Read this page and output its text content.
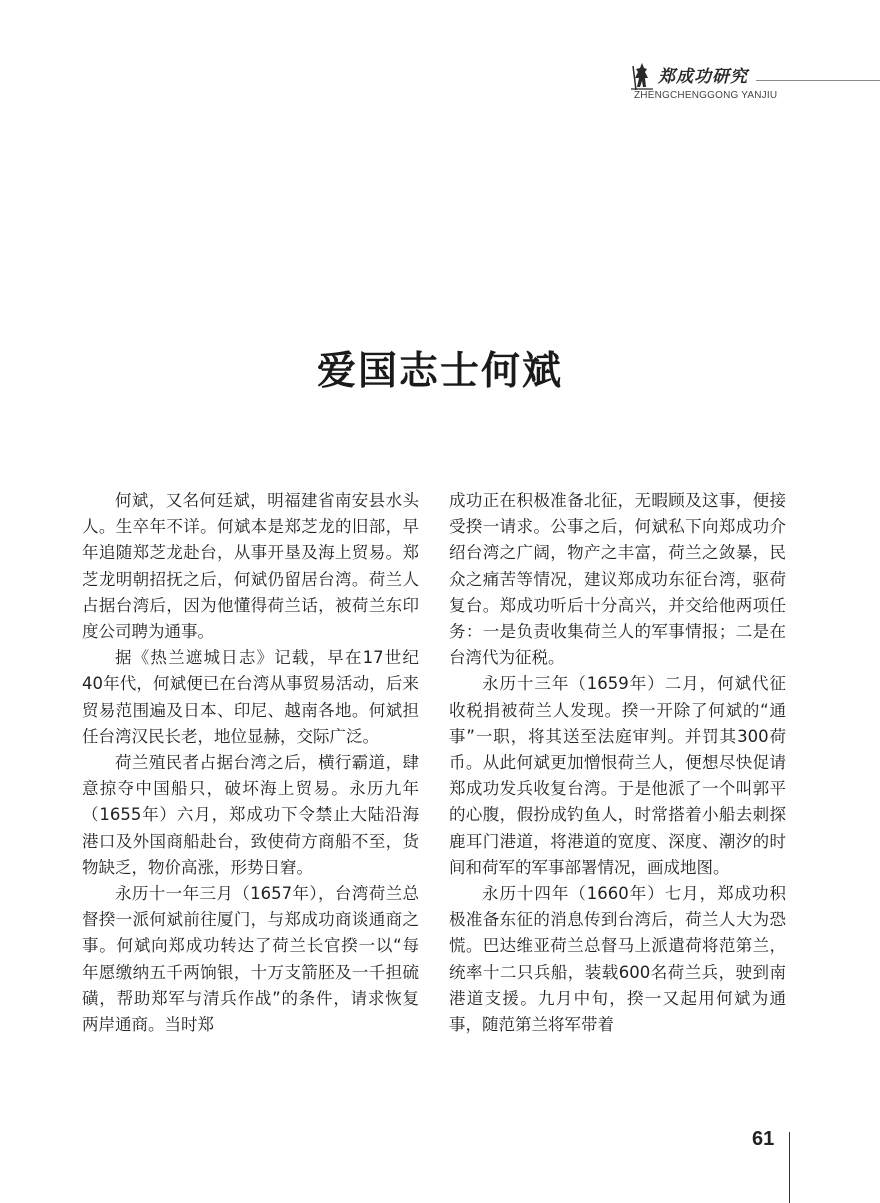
郑成功研究
ZHENGCHENGGONG YANJIU
爱国志士何斌

何斌，又名何廷斌，明福建省南安县水头人。生卒年不详。何斌本是郑芝龙的旧部，早年追随郑芝龙赴台，从事开垦及海上贸易。郑芝龙明朝招抚之后，何斌仍留居台湾。荷兰人占据台湾后，因为他懂得荷兰话，被荷兰东印度公司聘为通事。

据《热兰遮城日志》记载，早在17世纪40年代，何斌便已在台湾从事贸易活动，后来贸易范围遍及日本、印尼、越南各地。何斌担任台湾汉民长老，地位显赫，交际广泛。

荷兰殖民者占据台湾之后，横行霸道，肆意掠夺中国船只，破坏海上贸易。永历九年（1655年）六月，郑成功下令禁止大陆沿海港口及外国商船赴台，致使荷方商船不至，货物缺乏，物价高涨，形势日窘。

永历十一年三月（1657年），台湾荷兰总督揆一派何斌前往厦门，与郑成功商谈通商之事。何斌向郑成功转达了荷兰长官揆一以“每年愿缴纳五千两饷银，十万支箭胚及一千担硫磺，帮助郑军与清兵作战”的条件，请求恢复两岸通商。当时郑

成功正在积极准备北征，无暇顾及这事，便接受揆一请求。公事之后，何斌私下向郑成功介绍台湾之广阔，物产之丰富，荷兰之敛暴，民众之痛苦等情况，建议郑成功东征台湾，驱荷复台。郑成功听后十分高兴，并交给他两项任务：一是负责收集荷兰人的军事情报；二是在台湾代为征税。

永历十三年（1659年）二月，何斌代征收税捐被荷兰人发现。揆一开除了何斌的“通事”一职，将其送至法庭审判。并罚其300荷币。从此何斌更加憎恨荷兰人，便想尽快促请郑成功发兵收复台湾。于是他派了一个叫郭平的心腹，假扮成钓鱼人，时常搭着小船去刺探鹿耳门港道，将港道的宽度、深度、潮汐的时间和荷军的军事部署情况，画成地图。

永历十四年（1660年）七月，郑成功积极准备东征的消息传到台湾后，荷兰人大为恐慌。巴达维亚荷兰总督马上派遣荷将范第兰，统率十二只兵船，装载600名荷兰兵，驶到南港道支援。九月中旬，揆一又起用何斌为通事，随范第兰将军带着

61
